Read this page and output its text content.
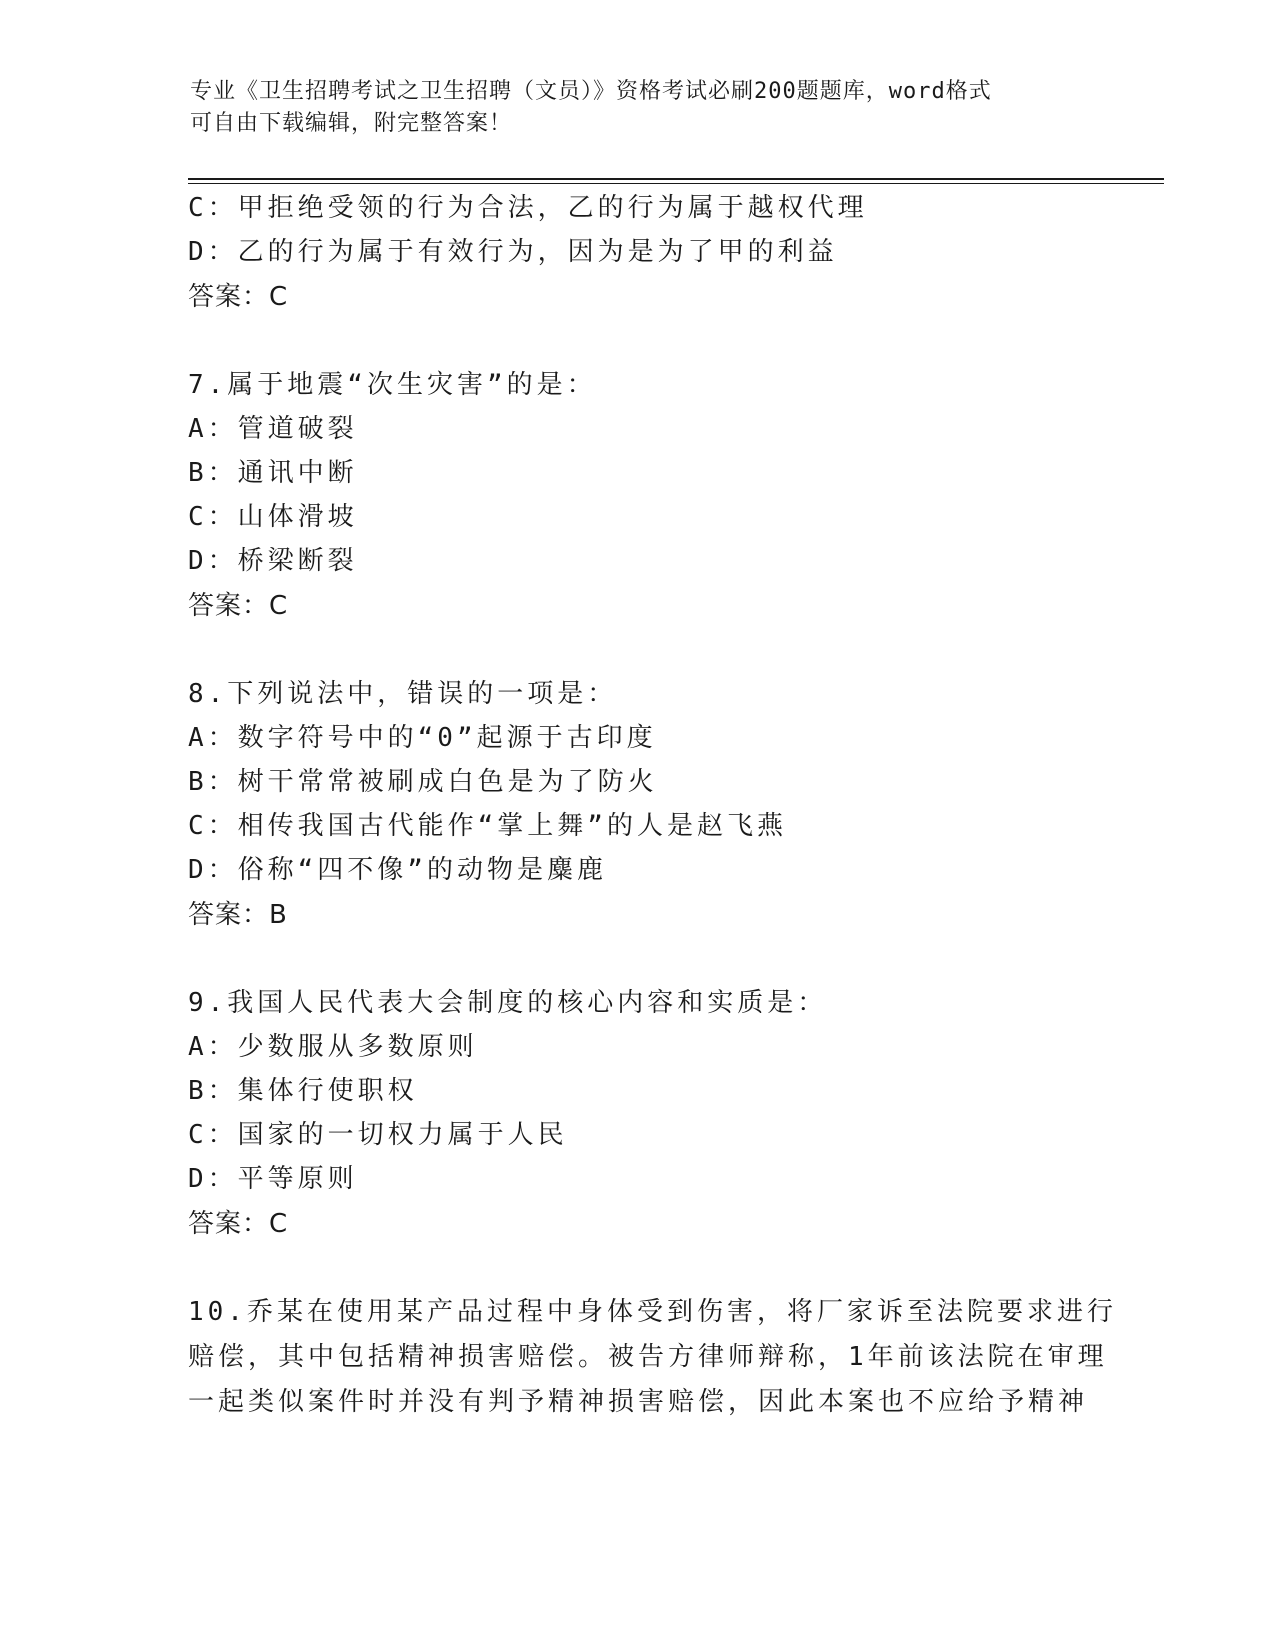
专业《卫生招聘考试之卫生招聘（文员）》资格考试必刷200题题库，word格式
可自由下载编辑，附完整答案！
C：甲拒绝受领的行为合法，乙的行为属于越权代理
D：乙的行为属于有效行为，因为是为了甲的利益
答案：C
7.属于地震“次生灾害”的是：
A：管道破裂
B：通讯中断
C：山体滑坡
D：桥梁断裂
答案：C
8.下列说法中，错误的一项是：
A：数字符号中的“0”起源于古印度
B：树干常常被刷成白色是为了防火
C：相传我国古代能作“掌上舞”的人是赵飞燕
D：俗称“四不像”的动物是麋鹿
答案：B
9.我国人民代表大会制度的核心内容和实质是：
A：少数服从多数原则
B：集体行使职权
C：国家的一切权力属于人民
D：平等原则
答案：C
10.乔某在使用某产品过程中身体受到伤害，将厂家诉至法院要求进行
赔偿，其中包括精神损害赔偿。被告方律师辩称，1年前该法院在审理
一起类似案件时并没有判予精神损害赔偿，因此本案也不应给予精神
